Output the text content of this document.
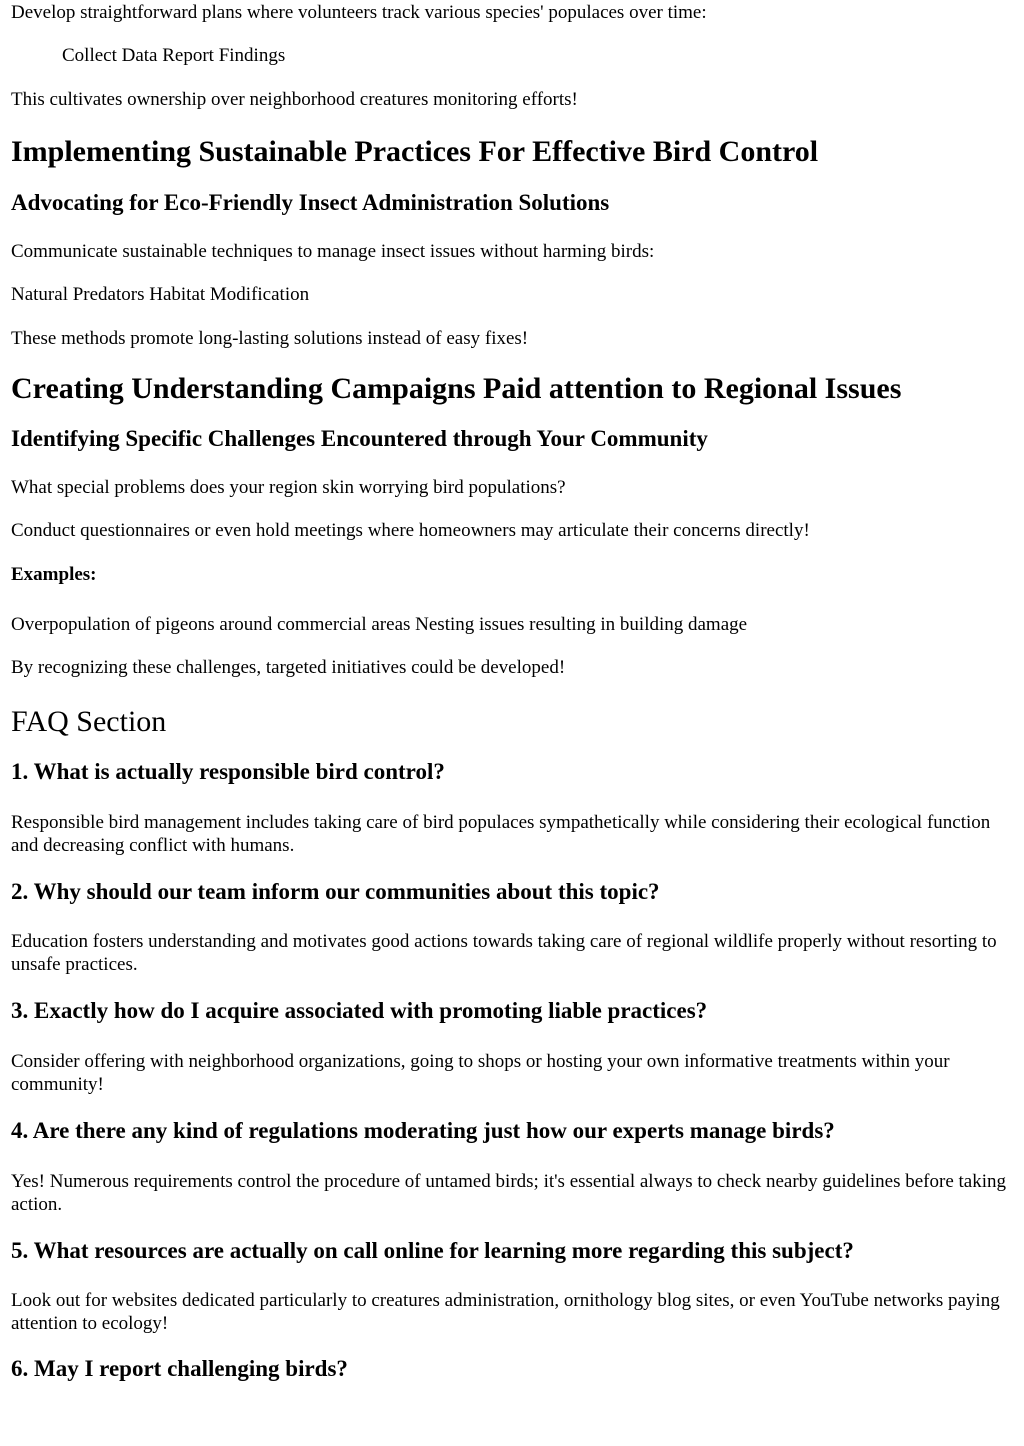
Develop straightforward plans where volunteers track various species' populaces over time:

Collect Data Report Findings

This cultivates ownership over neighborhood creatures monitoring efforts!

Implementing Sustainable Practices For Effective Bird Control
Advocating for Eco-Friendly Insect Administration Solutions

Communicate sustainable techniques to manage insect issues without harming birds:

Natural Predators Habitat Modification

These methods promote long-lasting solutions instead of easy fixes!

Creating Understanding Campaigns Paid attention to Regional Issues
Identifying Specific Challenges Encountered through Your Community

What special problems does your region skin worrying bird populations?

Conduct questionnaires or even hold meetings where homeowners may articulate their concerns directly!

Examples:

Overpopulation of pigeons around commercial areas Nesting issues resulting in building damage

By recognizing these challenges, targeted initiatives could be developed!

FAQ Section
1. What is actually responsible bird control?

Responsible bird management includes taking care of bird populaces sympathetically while considering their ecological function and decreasing conflict with humans.

2. Why should our team inform our communities about this topic?

Education fosters understanding and motivates good actions towards taking care of regional wildlife properly without resorting to unsafe practices.

3. Exactly how do I acquire associated with promoting liable practices?

Consider offering with neighborhood organizations, going to shops or hosting your own informative treatments within your community!

4. Are there any kind of regulations moderating just how our experts manage birds?

Yes! Numerous requirements control the procedure of untamed birds; it's essential always to check nearby guidelines before taking action.

5. What resources are actually on call online for learning more regarding this subject?

Look out for websites dedicated particularly to creatures administration, ornithology blog sites, or even YouTube networks paying attention to ecology!

6. May I report challenging birds?
